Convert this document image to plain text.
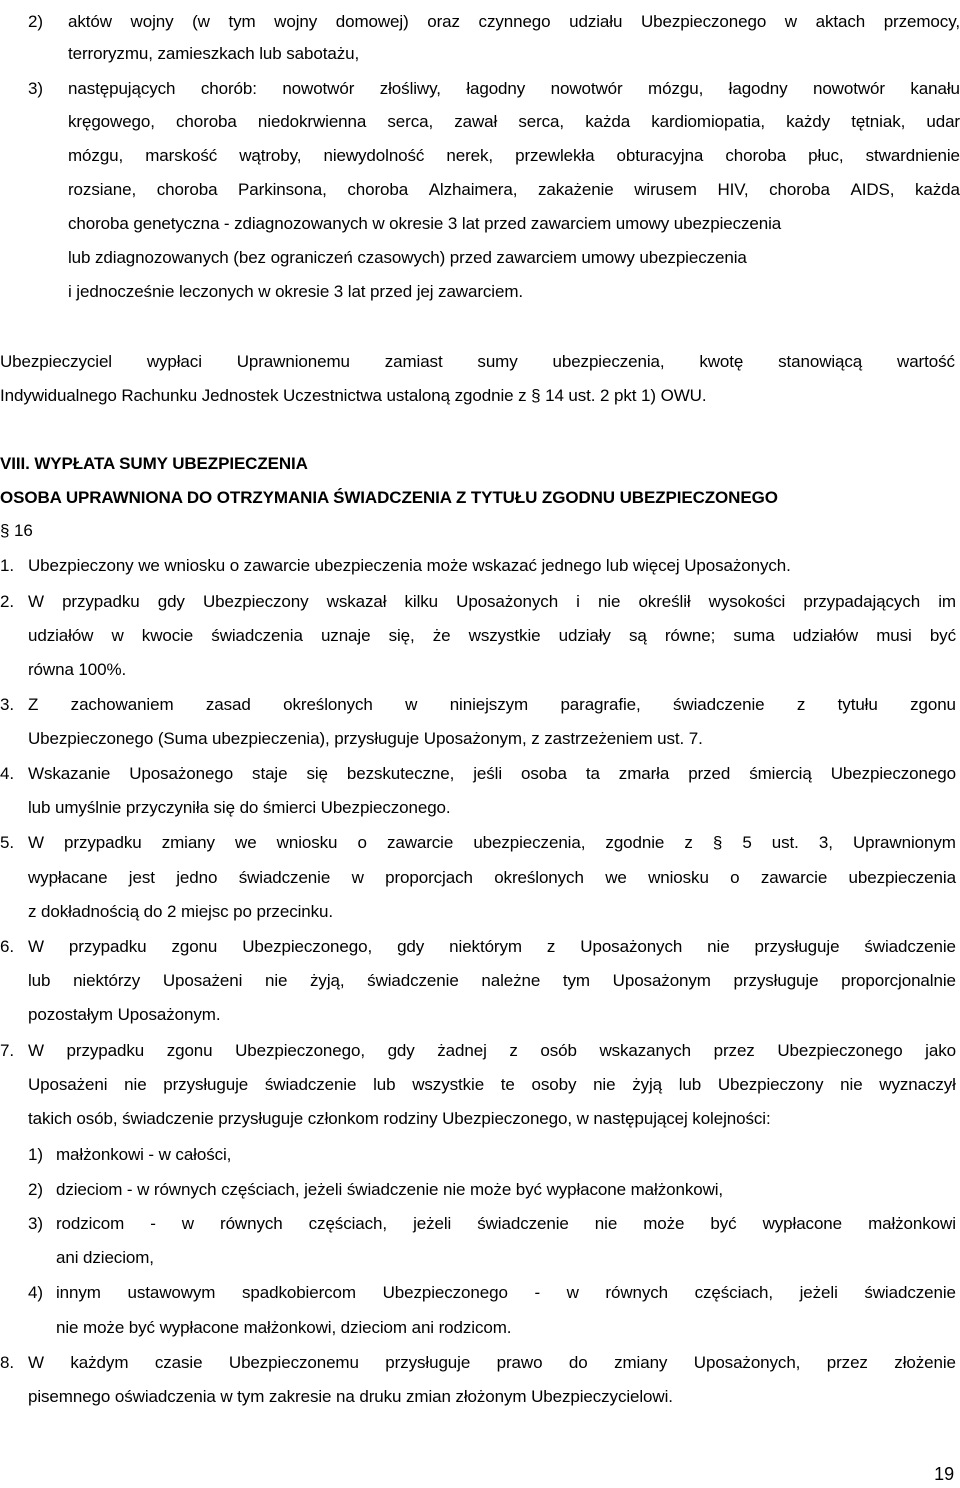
2) aktów wojny (w tym wojny domowej) oraz czynnego udziału Ubezpieczonego w aktach przemocy,
terroryzmu, zamieszkach lub sabotażu,
3) następujących chorób: nowotwór złośliwy, łagodny nowotwór mózgu, łagodny nowotwór kanału
kręgowego, choroba niedokrwienna serca, zawał serca, każda kardiomiopatia, każdy tętniak, udar
mózgu, marskość wątroby, niewydolność nerek, przewlekła obturacyjna choroba płuc, stwardnienie
rozsiane, choroba Parkinsona, choroba Alzhaimera, zakażenie wirusem HIV, choroba AIDS, każda
choroba genetyczna - zdiagnozowanych w okresie 3 lat przed zawarciem umowy ubezpieczenia
lub zdiagnozowanych (bez ograniczeń czasowych) przed zawarciem umowy ubezpieczenia
i jednocześnie leczonych w okresie 3 lat przed jej zawarciem.
Ubezpieczyciel wypłaci Uprawnionemu zamiast sumy ubezpieczenia, kwotę stanowiącą wartość
Indywidualnego Rachunku Jednostek Uczestnictwa ustaloną zgodnie z § 14 ust. 2 pkt 1) OWU.
VIII. WYPŁATA SUMY UBEZPIECZENIA
OSOBA UPRAWNIONA DO OTRZYMANIA ŚWIADCZENIA Z TYTUŁU ZGODNU UBEZPIECZONEGO
§ 16
1. Ubezpieczony we wniosku o zawarcie ubezpieczenia może wskazać jednego lub więcej Uposażonych.
2. W przypadku gdy Ubezpieczony wskazał kilku Uposażonych i nie określił wysokości przypadających im
udziałów w kwocie świadczenia uznaje się, że wszystkie udziały są równe; suma udziałów musi być
równa 100%.
3. Z zachowaniem zasad określonych w niniejszym paragrafie, świadczenie z tytułu zgonu
Ubezpieczonego (Suma ubezpieczenia), przysługuje Uposażonym, z zastrzeżeniem ust. 7.
4. Wskazanie Uposażonego staje się bezskuteczne, jeśli osoba ta zmarła przed śmiercią Ubezpieczonego
lub umyślnie przyczyniła się do śmierci Ubezpieczonego.
5. W przypadku zmiany we wniosku o zawarcie ubezpieczenia, zgodnie z § 5 ust. 3, Uprawnionym
wypłacane jest jedno świadczenie w proporcjach określonych we wniosku o zawarcie ubezpieczenia
z dokładnością do 2 miejsc po przecinku.
6. W przypadku zgonu Ubezpieczonego, gdy niektórym z Uposażonych nie przysługuje świadczenie
lub niektórzy Uposażeni nie żyją, świadczenie należne tym Uposażonym przysługuje proporcjonalnie
pozostałym Uposażonym.
7. W przypadku zgonu Ubezpieczonego, gdy żadnej z osób wskazanych przez Ubezpieczonego jako
Uposażeni nie przysługuje świadczenie lub wszystkie te osoby nie żyją lub Ubezpieczony nie wyznaczył
takich osób, świadczenie przysługuje członkom rodziny Ubezpieczonego, w następującej kolejności:
1) małżonkowi - w całości,
2) dzieciom - w równych częściach, jeżeli świadczenie nie może być wypłacone małżonkowi,
3) rodzicom - w równych częściach, jeżeli świadczenie nie może być wypłacone małżonkowi
ani dzieciom,
4) innym ustawowym spadkobiercom Ubezpieczonego - w równych częściach, jeżeli świadczenie
nie może być wypłacone małżonkowi, dzieciom ani rodzicom.
8. W każdym czasie Ubezpieczonemu przysługuje prawo do zmiany Uposażonych, przez złożenie
pisemnego oświadczenia w tym zakresie na druku zmian złożonym Ubezpieczycielowi.
19
